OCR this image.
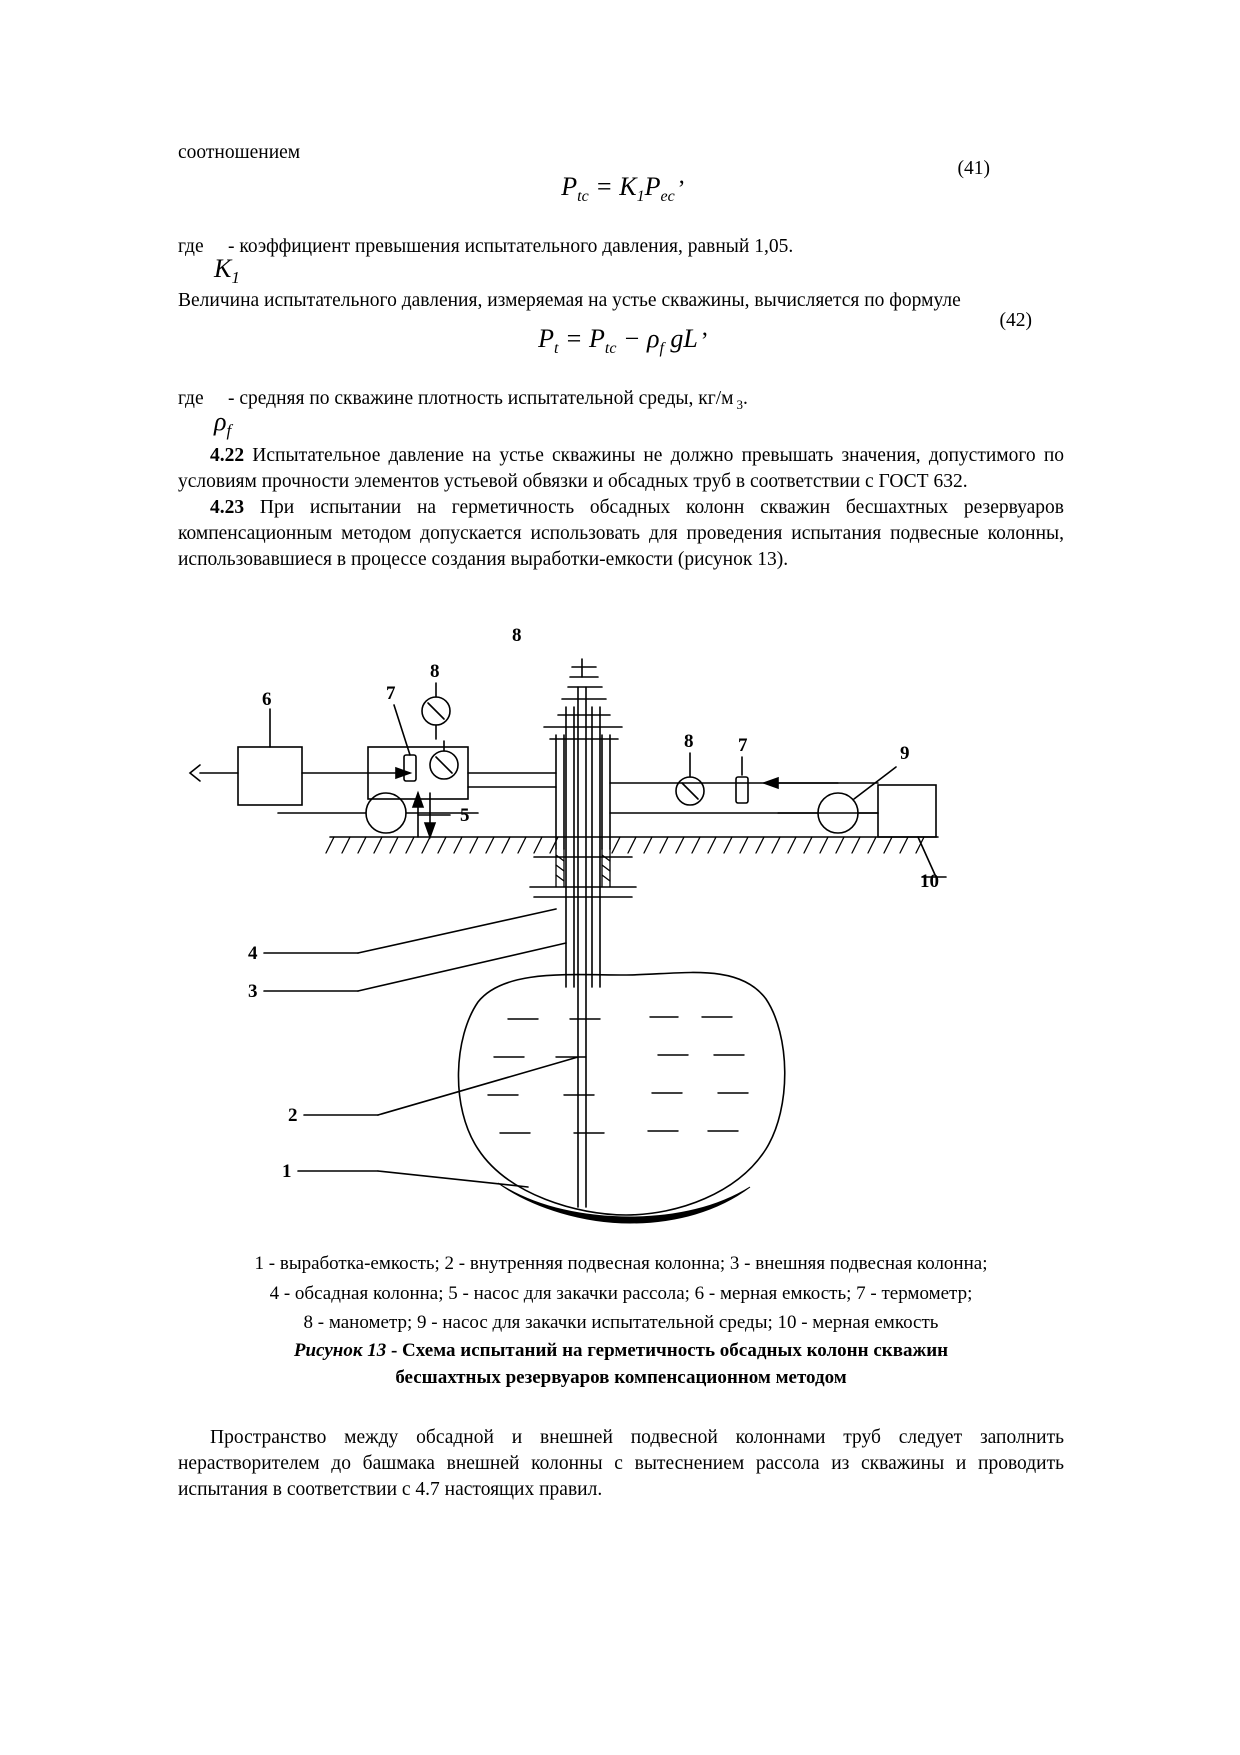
соотношением

(41)
$P_{tc} = K_1P_{ec}$,
где - коэффициент превышения испытательного давления, равный 1,05.
$K_1$

Величина испытательного давления, измеряемая на устье скважины, вычисляется по формуле

(42)
$P_t = P_{tc} - \rho_f$ gL ,
где - средняя по скважине плотность испытательной среды, кг/м $_3$.
$\rho_f$

4.22 Испытательное давление на устье скважины не должно превышать значения, допустимого по условиям прочности элементов устьевой обвязки и обсадных труб в соответствии с ГОСТ 632.

4.23 При испытании на герметичность обсадных колонн скважин бесшахтных резервуаров компенсационным методом допускается использовать для проведения испытания подвесные колонны, использовавшиеся в процессе создания выработки-емкости (рисунок 13).

6	7
8
8
8 7	9
10
5
4
3
2
1
1 - выработка-емкость; 2 - внутренняя подвесная колонна; 3 - внешняя подвесная колонна;
4 - обсадная колонна; 5 - насос для закачки рассола; 6 - мерная емкость; 7 - термометр;
8 - манометр; 9 - насос для закачки испытательной среды; 10 - мерная емкость
Рисунок 13 - Схема испытаний на герметичность обсадных колонн скважин
бесшахтных резервуаров компенсационном методом

Пространство между обсадной и внешней подвесной колоннами труб следует заполнить нерастворителем до башмака внешней колонны с вытеснением рассола из скважины и проводить испытания в соответствии с 4.7 настоящих правил.
